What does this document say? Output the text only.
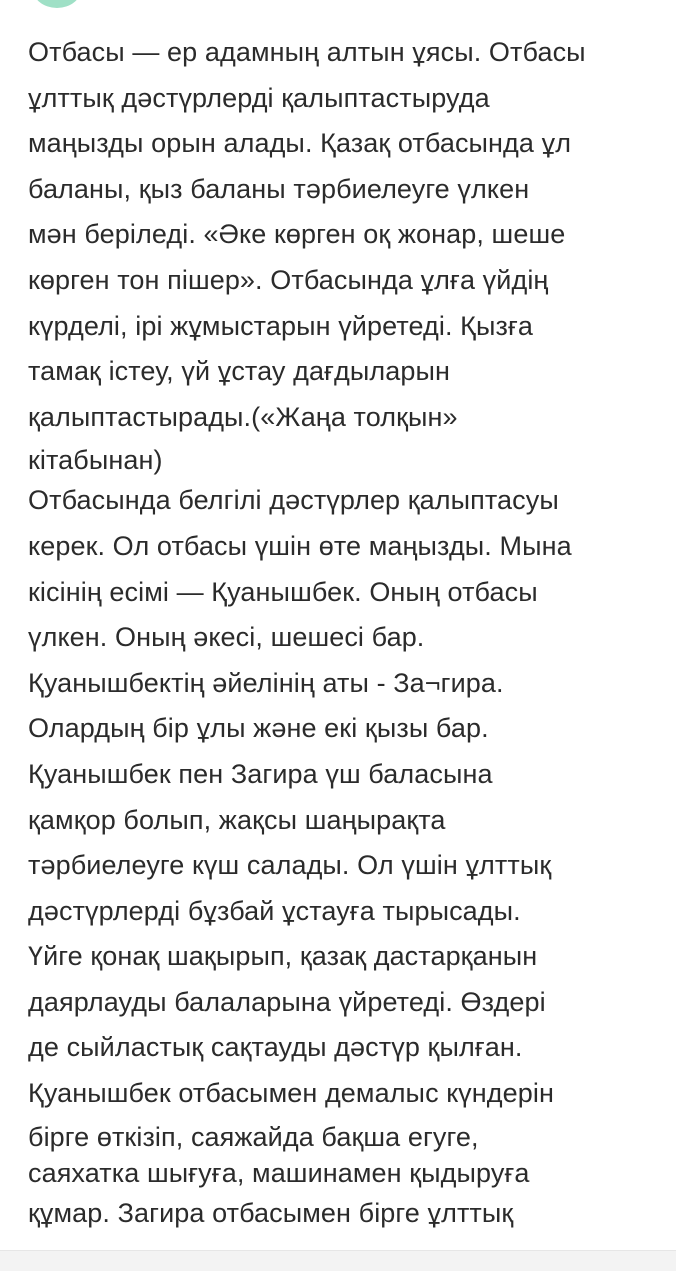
Отбасы — ер адамның алтын ұясы. Отбасы
ұлттық дәстүрлерді қалыптастыруда
маңызды орын алады. Қазақ отбасында ұл
баланы, қыз баланы тәрбиелеуге үлкен
мән беріледі. «Әке көрген оқ жонар, шеше
көрген тон пішер». Отбасында ұлға үйдің
күрделі, ірі жұмыстарын үйретеді. Қызға
тамақ істеу, үй ұстау дағдыларын
қалыптастырады.(«Жаңа толқын»
кітабынан)
Отбасында белгілі дәстүрлер қалыптасуы
керек. Ол отбасы үшін өте маңызды. Мына
кісінің есімі — Қуанышбек. Оның отбасы
үлкен. Оның әкесі, шешесі бар.
Қуанышбектің әйелінің аты - За¬гира.
Олардың бір ұлы және екі қызы бар.
Қуанышбек пен Загира үш баласына
қамқор болып, жақсы шаңырақта
тәрбиелеуге күш салады. Ол үшін ұлттық
дәстүрлерді бұзбай ұстауға тырысады.
Үйге қонақ шақырып, қазақ дастарқанын
даярлауды балаларына үйретеді. Өздері
де сыйластық сақтауды дәстүр қылған.
Қуанышбек отбасымен демалыс күндерін
бірге өткізіп, саяжайда бақша егуге,
саяхатка шығуға, машинамен қыдыруға
құмар. Загира отбасымен бірге ұлттық
